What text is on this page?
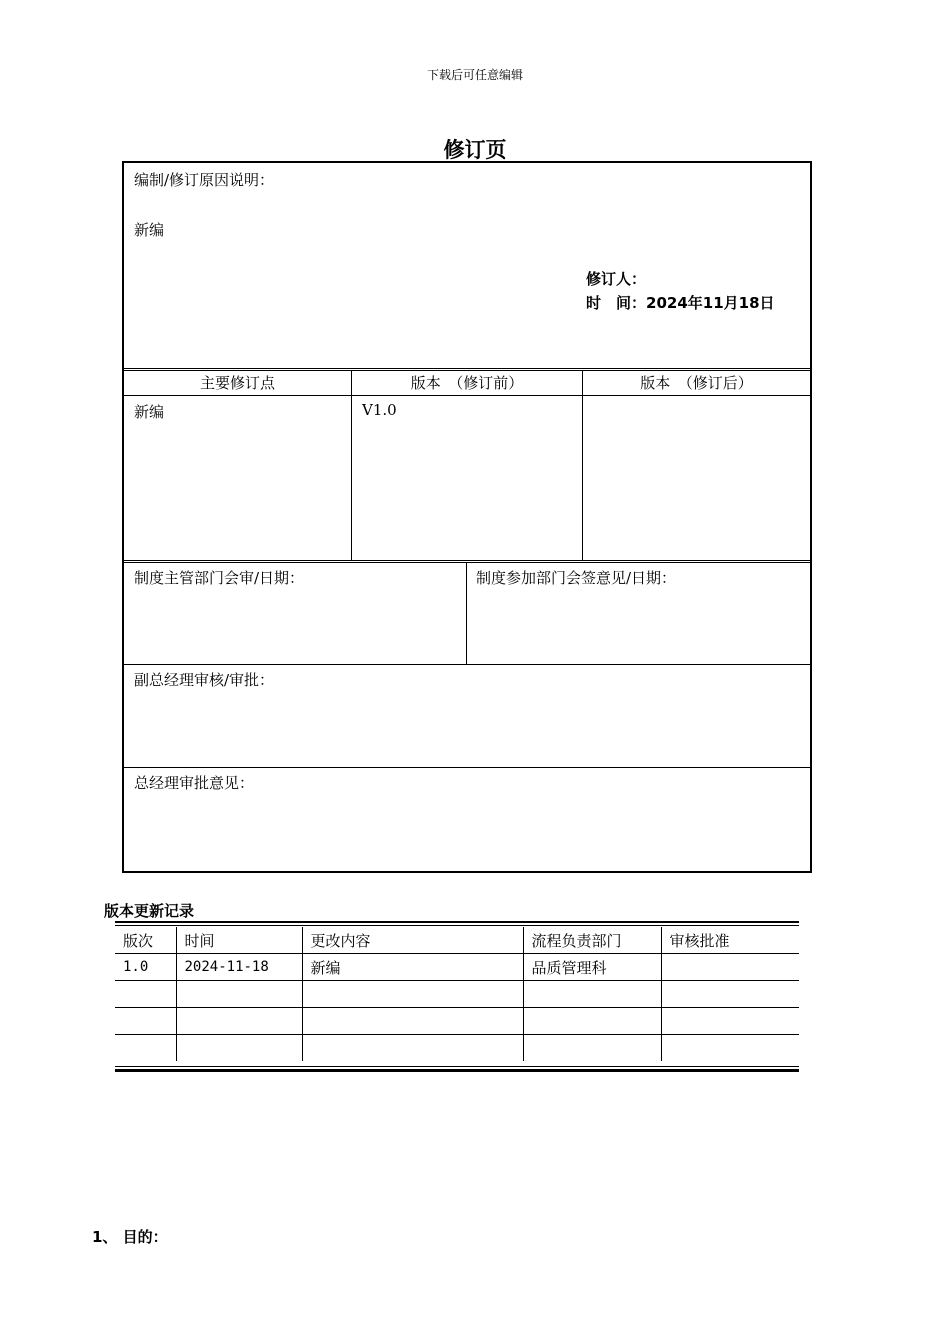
下载后可任意编辑
修订页
编制/修订原因说明：
新编
修订人：
时　间：2024年11月18日
主要修订点	版本　（修订前）	版本　（修订后）
新编	V1.0
制度主管部门会审/日期：	制度参加部门会签意见/日期：
副总经理审核/审批：
总经理审批意见：
版本更新记录
版次	时间	更改内容	流程负责部门	审核批准
1.0	2024-11-18	新编	品质管理科	

1、 目的：
